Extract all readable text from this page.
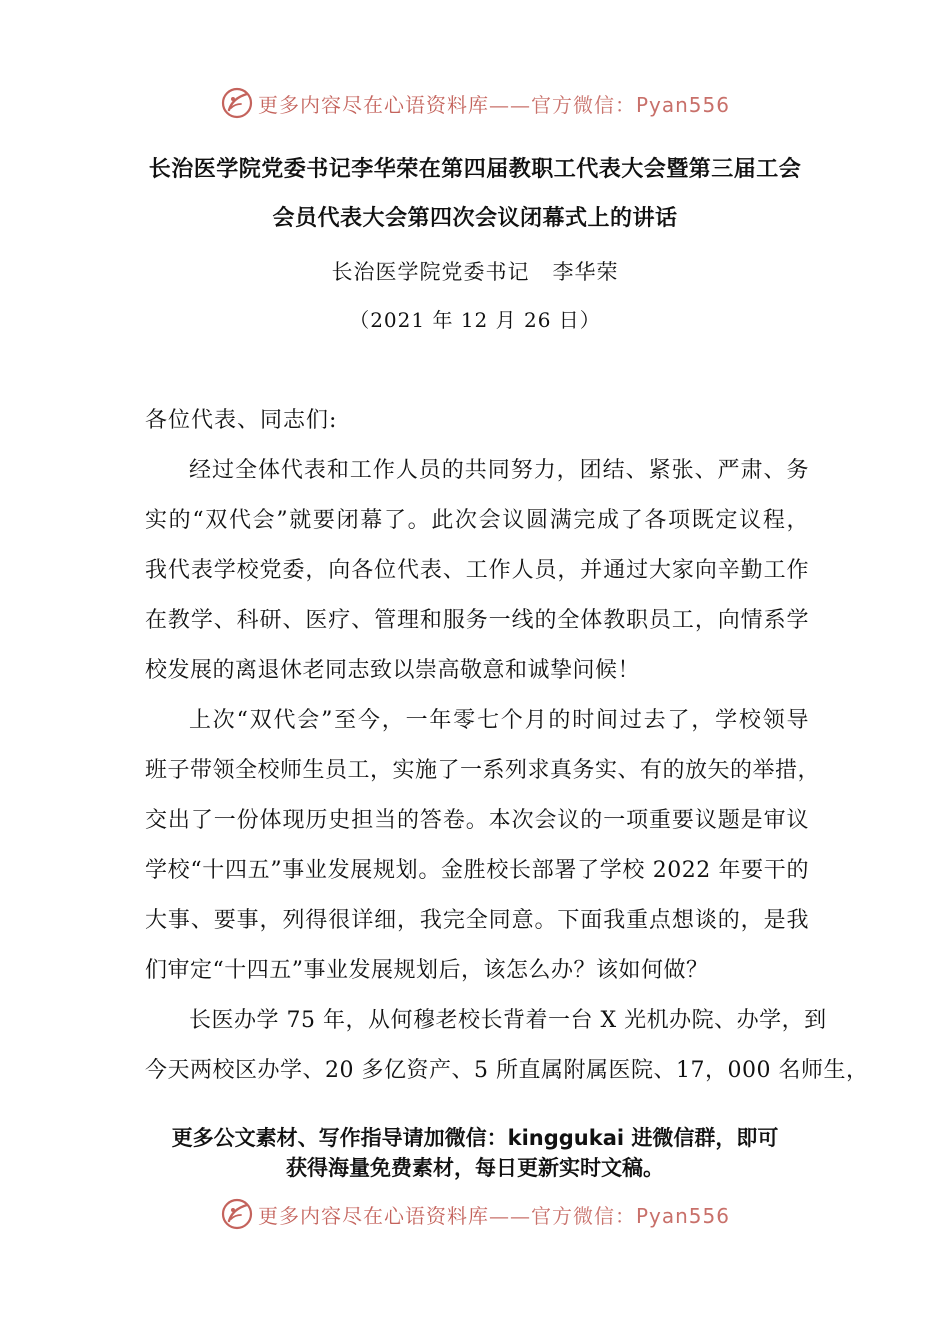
更多内容尽在心语资料库——官方微信：Pyan556
长治医学院党委书记李华荣在第四届教职工代表大会暨第三届工会
会员代表大会第四次会议闭幕式上的讲话
长治医学院党委书记   李华荣
（2021 年 12 月 26 日）
各位代表、同志们:
经过全体代表和工作人员的共同努力，团结、紧张、严肃、务
实的“双代会”就要闭幕了。此次会议圆满完成了各项既定议程，
我代表学校党委，向各位代表、工作人员，并通过大家向辛勤工作
在教学、科研、医疗、管理和服务一线的全体教职员工，向情系学
校发展的离退休老同志致以崇高敬意和诚挚问候！
上次“双代会”至今，一年零七个月的时间过去了，学校领导
班子带领全校师生员工，实施了一系列求真务实、有的放矢的举措，
交出了一份体现历史担当的答卷。本次会议的一项重要议题是审议
学校“十四五”事业发展规划。金胜校长部署了学校 2022 年要干的
大事、要事，列得很详细，我完全同意。下面我重点想谈的，是我
们审定“十四五”事业发展规划后，该怎么办？该如何做？
长医办学 75 年，从何穆老校长背着一台 X 光机办院、办学，到
今天两校区办学、20 多亿资产、5 所直属附属医院、17，000 名师生，
更多公文素材、写作指导请加微信：kinggukai 进微信群，即可
获得海量免费素材，每日更新实时文稿。
更多内容尽在心语资料库——官方微信：Pyan556
